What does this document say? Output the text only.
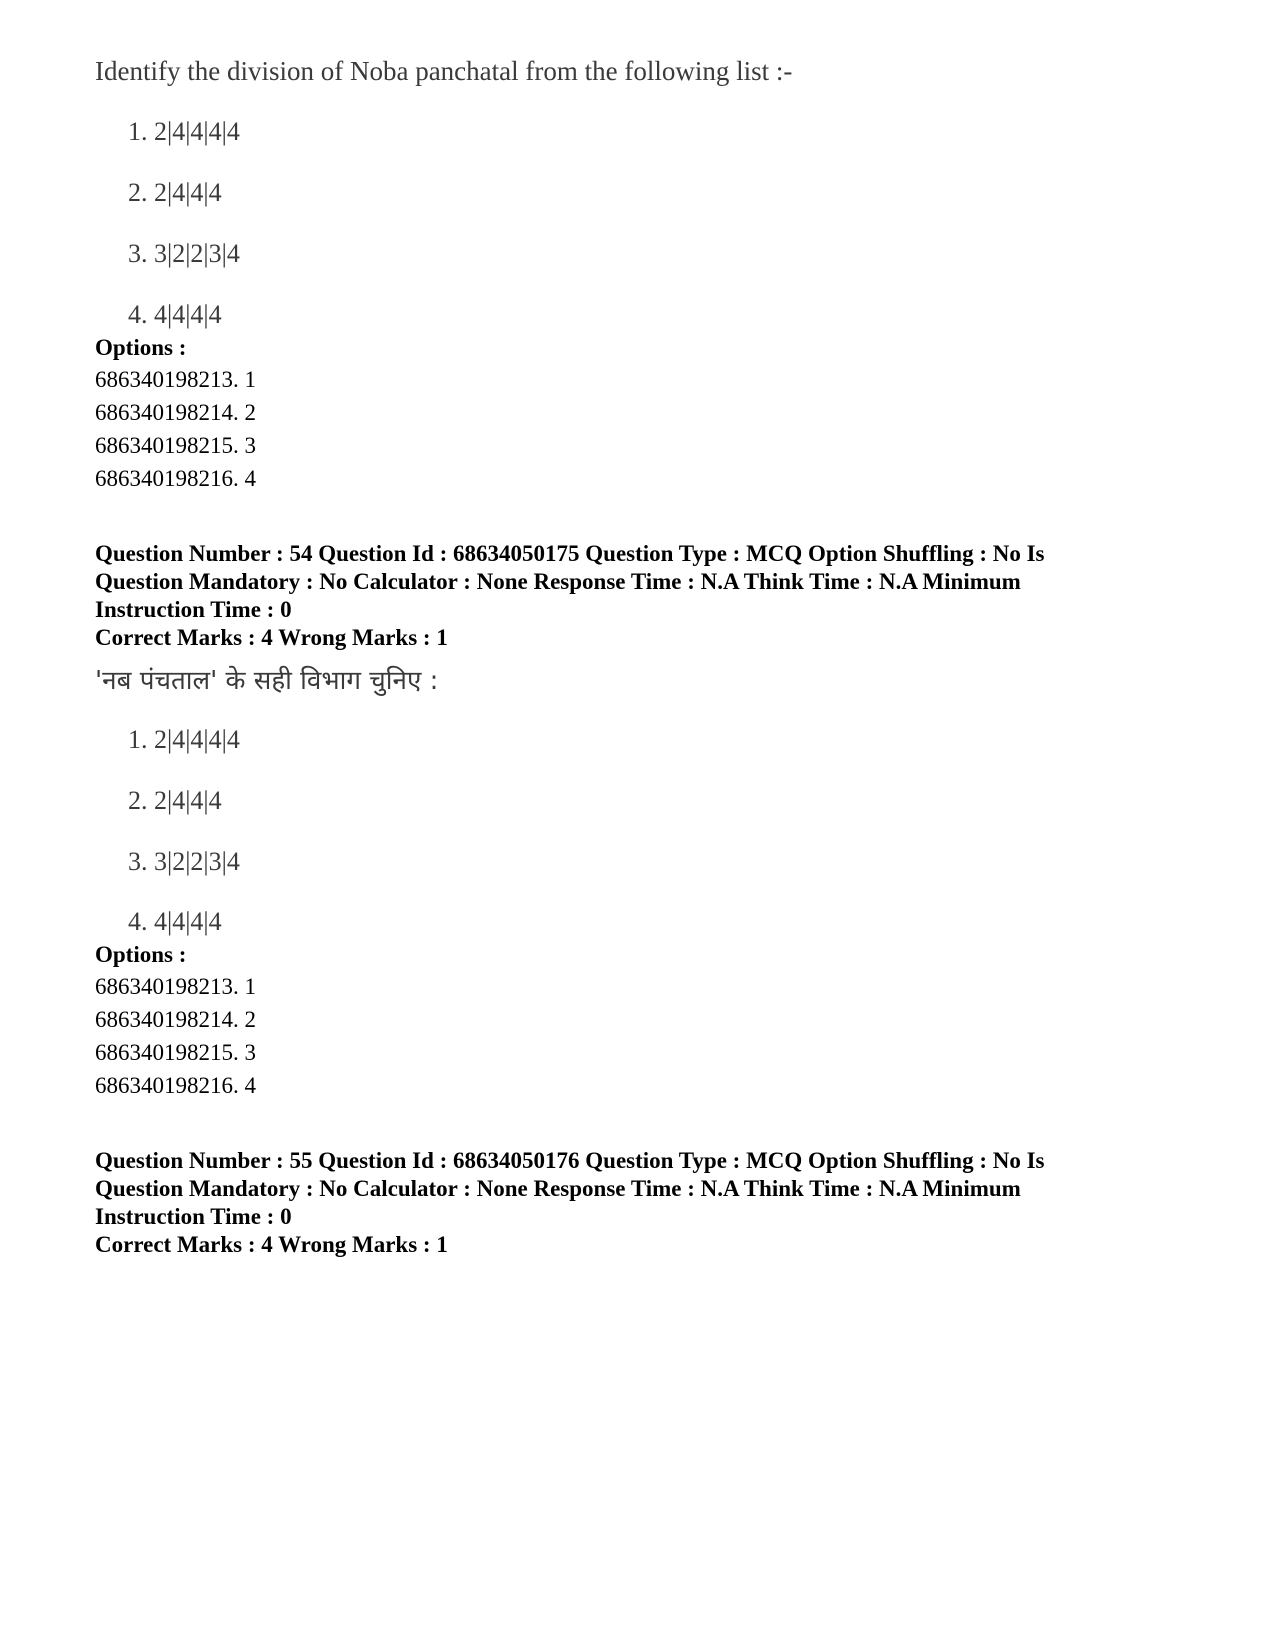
Identify the division of Noba panchatal from the following list :-
1. 2|4|4|4|4
2. 2|4|4|4
3. 3|2|2|3|4
4. 4|4|4|4
Options :
686340198213. 1
686340198214. 2
686340198215. 3
686340198216. 4
Question Number : 54 Question Id : 68634050175 Question Type : MCQ Option Shuffling : No Is
Question Mandatory : No Calculator : None Response Time : N.A Think Time : N.A Minimum
Instruction Time : 0
Correct Marks : 4 Wrong Marks : 1
'नब पंचताल' के सही विभाग चुनिए :
1. 2|4|4|4|4
2. 2|4|4|4
3. 3|2|2|3|4
4. 4|4|4|4
Options :
686340198213. 1
686340198214. 2
686340198215. 3
686340198216. 4
Question Number : 55 Question Id : 68634050176 Question Type : MCQ Option Shuffling : No Is
Question Mandatory : No Calculator : None Response Time : N.A Think Time : N.A Minimum
Instruction Time : 0
Correct Marks : 4 Wrong Marks : 1
